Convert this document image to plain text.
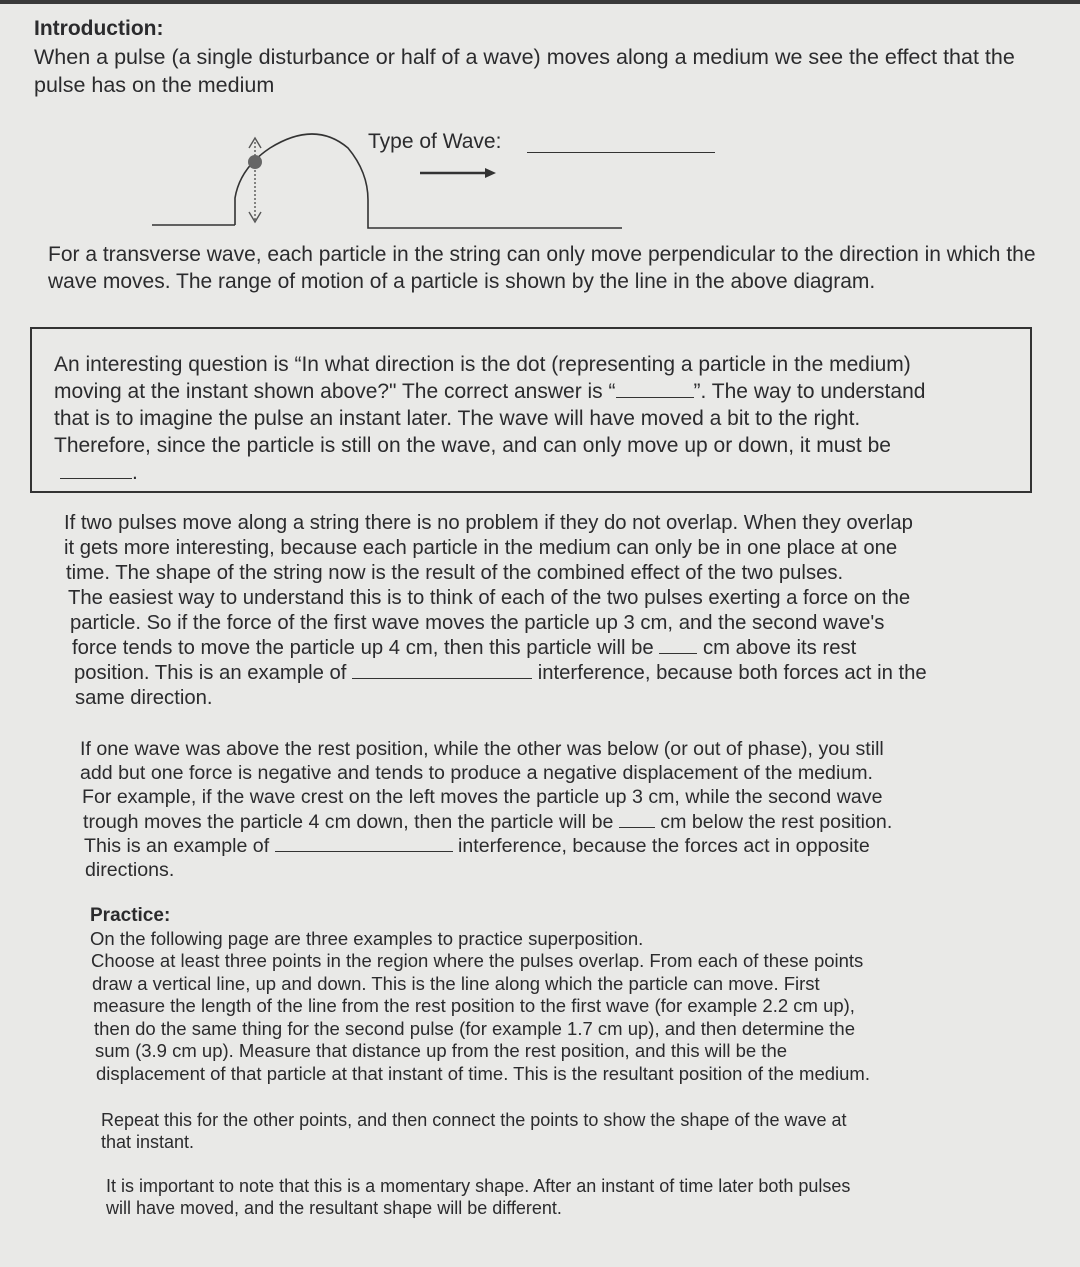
Introduction:

When a pulse (a single disturbance or half of a wave) moves along a medium we see the effect that the pulse has on the medium

Type of Wave:

For a transverse wave, each particle in the string can only move perpendicular to the direction in which the wave moves. The range of motion of a particle is shown by the line in the above diagram.

An interesting question is “In what direction is the dot (representing a particle in the medium)

moving at the instant shown above?" The correct answer is “	”. The way to understand

that is to imagine the pulse an instant later. The wave will have moved a bit to the right.

Therefore, since the particle is still on the wave, and can only move up or down, it must be

.

If two pulses move along a string there is no problem if they do not overlap. When they overlap

it gets more interesting, because each particle in the medium can only be in one place at one

time. The shape of the string now is the result of the combined effect of the two pulses.

The easiest way to understand this is to think of each of the two pulses exerting a force on the

particle. So if the force of the first wave moves the particle up 3 cm, and the second wave's

force tends to move the particle up 4 cm, then this particle will be cm above its rest

position. This is an example of	interference, because both forces act in the

same direction.

If one wave was above the rest position, while the other was below (or out of phase), you still

add but one force is negative and tends to produce a negative displacement of the medium.

For example, if the wave crest on the left moves the particle up 3 cm, while the second wave

trough moves the particle 4 cm down, then the particle will be cm below the rest position.

This is an example of	interference, because the forces act in opposite

directions.

Practice:

On the following page are three examples to practice superposition.

Choose at least three points in the region where the pulses overlap. From each of these points

draw a vertical line, up and down. This is the line along which the particle can move. First

measure the length of the line from the rest position to the first wave (for example 2.2 cm up),

then do the same thing for the second pulse (for example 1.7 cm up), and then determine the

sum (3.9 cm up). Measure that distance up from the rest position, and this will be the

displacement of that particle at that instant of time. This is the resultant position of the medium.

Repeat this for the other points, and then connect the points to show the shape of the wave at

that instant.

It is important to note that this is a momentary shape. After an instant of time later both pulses

will have moved, and the resultant shape will be different.
